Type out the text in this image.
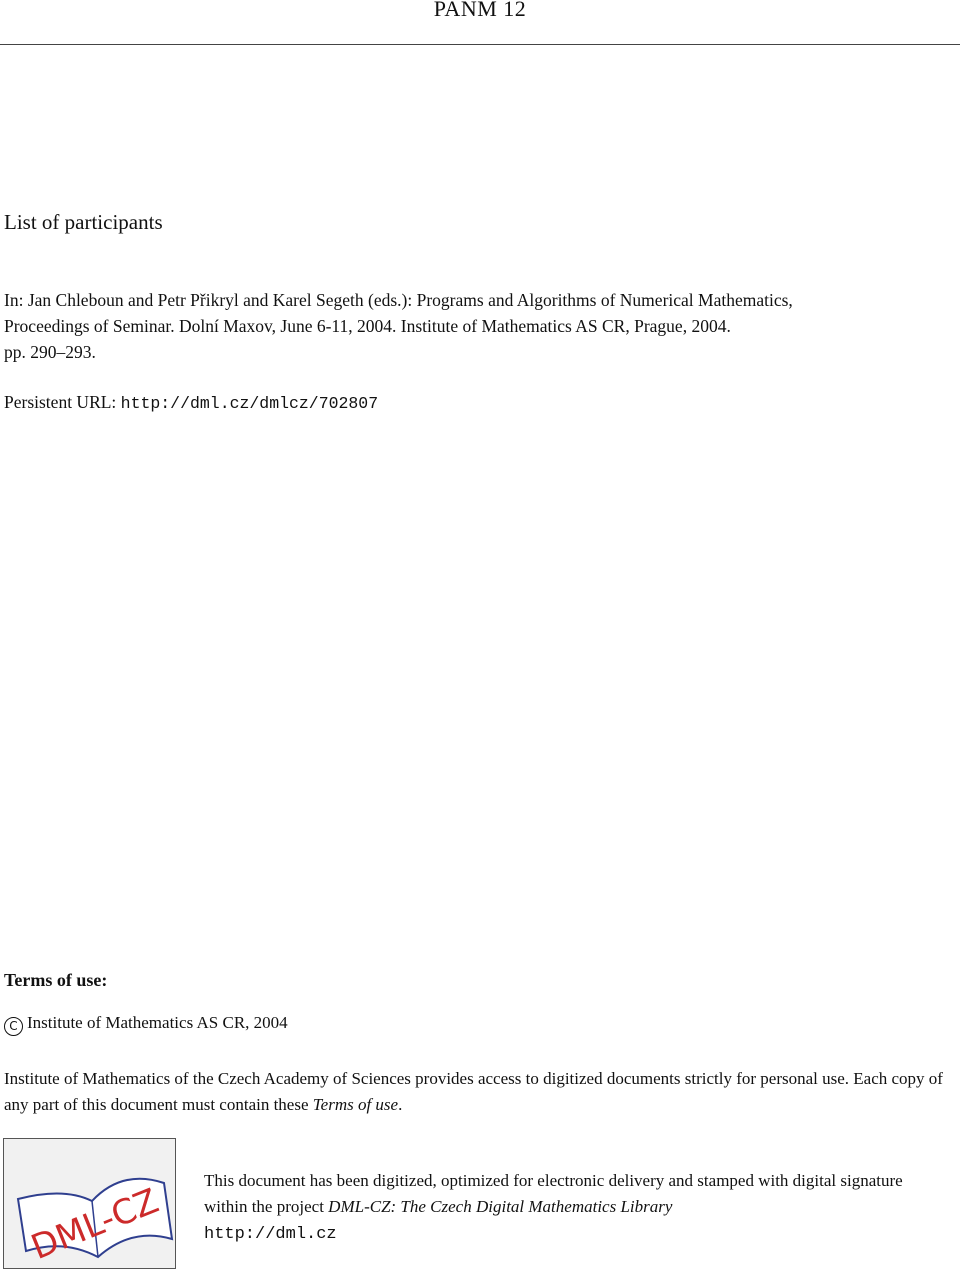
PANM 12
List of participants
In: Jan Chleboun and Petr Přikryl and Karel Segeth (eds.): Programs and Algorithms of Numerical Mathematics,
Proceedings of Seminar. Dolní Maxov, June 6-11, 2004. Institute of Mathematics AS CR, Prague, 2004.
pp. 290–293.
Persistent URL: http://dml.cz/dmlcz/702807
Terms of use:
C Institute of Mathematics AS CR, 2004
Institute of Mathematics of the Czech Academy of Sciences provides access to digitized documents strictly for personal use. Each copy of any part of this document must contain these Terms of use.
DML-CZ
This document has been digitized, optimized for electronic delivery and stamped with digital signature within the project DML-CZ: The Czech Digital Mathematics Library
http://dml.cz
